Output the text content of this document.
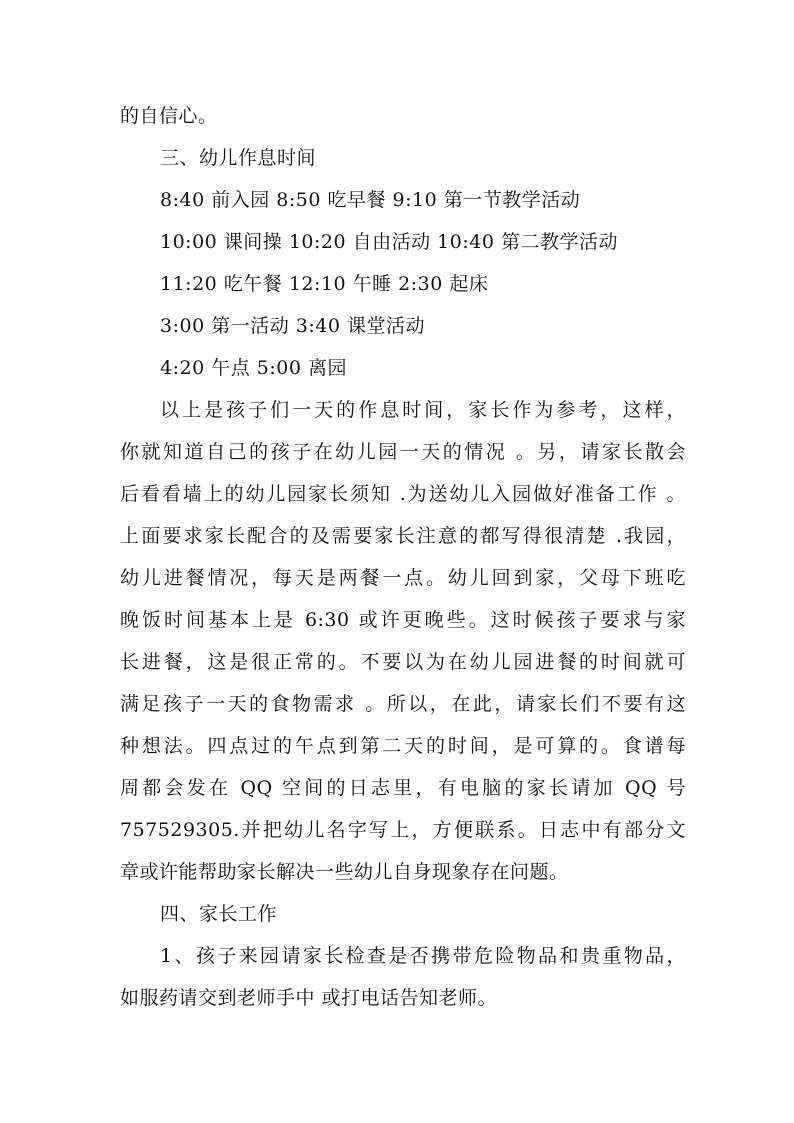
的自信心。
三、幼儿作息时间
8:40 前入园 8:50 吃早餐 9:10 第一节教学活动
10:00 课间操 10:20 自由活动 10:40 第二教学活动
11:20 吃午餐 12:10 午睡 2:30 起床
3:00 第一活动 3:40 课堂活动
4:20 午点 5:00 离园
以上是孩子们一天的作息时间，家长作为参考，这样，
你就知道自己的孩子在幼儿园一天的情况 。另，请家长散会
后看看墙上的幼儿园家长须知 .为送幼儿入园做好准备工作 。
上面要求家长配合的及需要家长注意的都写得很清楚 .我园，
幼儿进餐情况，每天是两餐一点。幼儿回到家，父母下班吃
晚饭时间基本上是 6:30 或许更晚些。这时候孩子要求与家
长进餐，这是很正常的。不要以为在幼儿园进餐的时间就可
满足孩子一天的食物需求 。所以，在此，请家长们不要有这
种想法。四点过的午点到第二天的时间，是可算的。食谱每
周都会发在 QQ 空间的日志里，有电脑的家长请加 QQ 号
757529305.并把幼儿名字写上，方便联系。日志中有部分文
章或许能帮助家长解决一些幼儿自身现象存在问题。
四、家长工作
1、孩子来园请家长检查是否携带危险物品和贵重物品，
如服药请交到老师手中 或打电话告知老师。
